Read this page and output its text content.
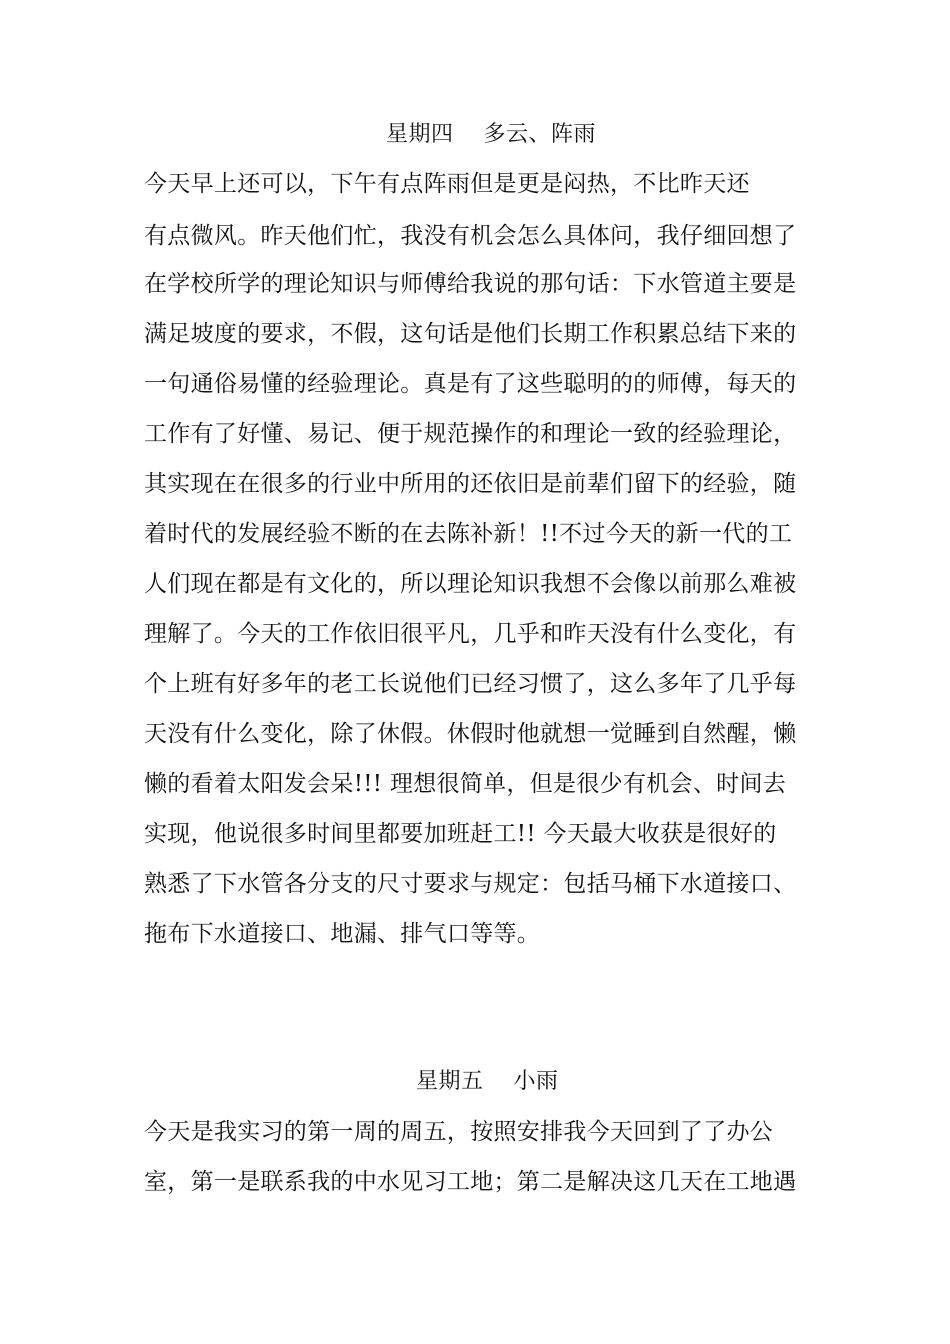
星期四    多云、阵雨
今天早上还可以，下午有点阵雨但是更是闷热，不比昨天还
有点微风。昨天他们忙，我没有机会怎么具体问，我仔细回想了
在学校所学的理论知识与师傅给我说的那句话：下水管道主要是
满足坡度的要求，不假，这句话是他们长期工作积累总结下来的
一句通俗易懂的经验理论。真是有了这些聪明的的师傅，每天的
工作有了好懂、易记、便于规范操作的和理论一致的经验理论，
其实现在在很多的行业中所用的还依旧是前辈们留下的经验，随
着时代的发展经验不断的在去陈补新！!!不过今天的新一代的工
人们现在都是有文化的，所以理论知识我想不会像以前那么难被
理解了。今天的工作依旧很平凡，几乎和昨天没有什么变化，有
个上班有好多年的老工长说他们已经习惯了，这么多年了几乎每
天没有什么变化，除了休假。休假时他就想一觉睡到自然醒，懒
懒的看着太阳发会呆!!! 理想很简单，但是很少有机会、时间去
实现，他说很多时间里都要加班赶工!! 今天最大收获是很好的
熟悉了下水管各分支的尺寸要求与规定：包括马桶下水道接口、
拖布下水道接口、地漏、排气口等等。
星期五    小雨
今天是我实习的第一周的周五，按照安排我今天回到了了办公
室，第一是联系我的中水见习工地；第二是解决这几天在工地遇
